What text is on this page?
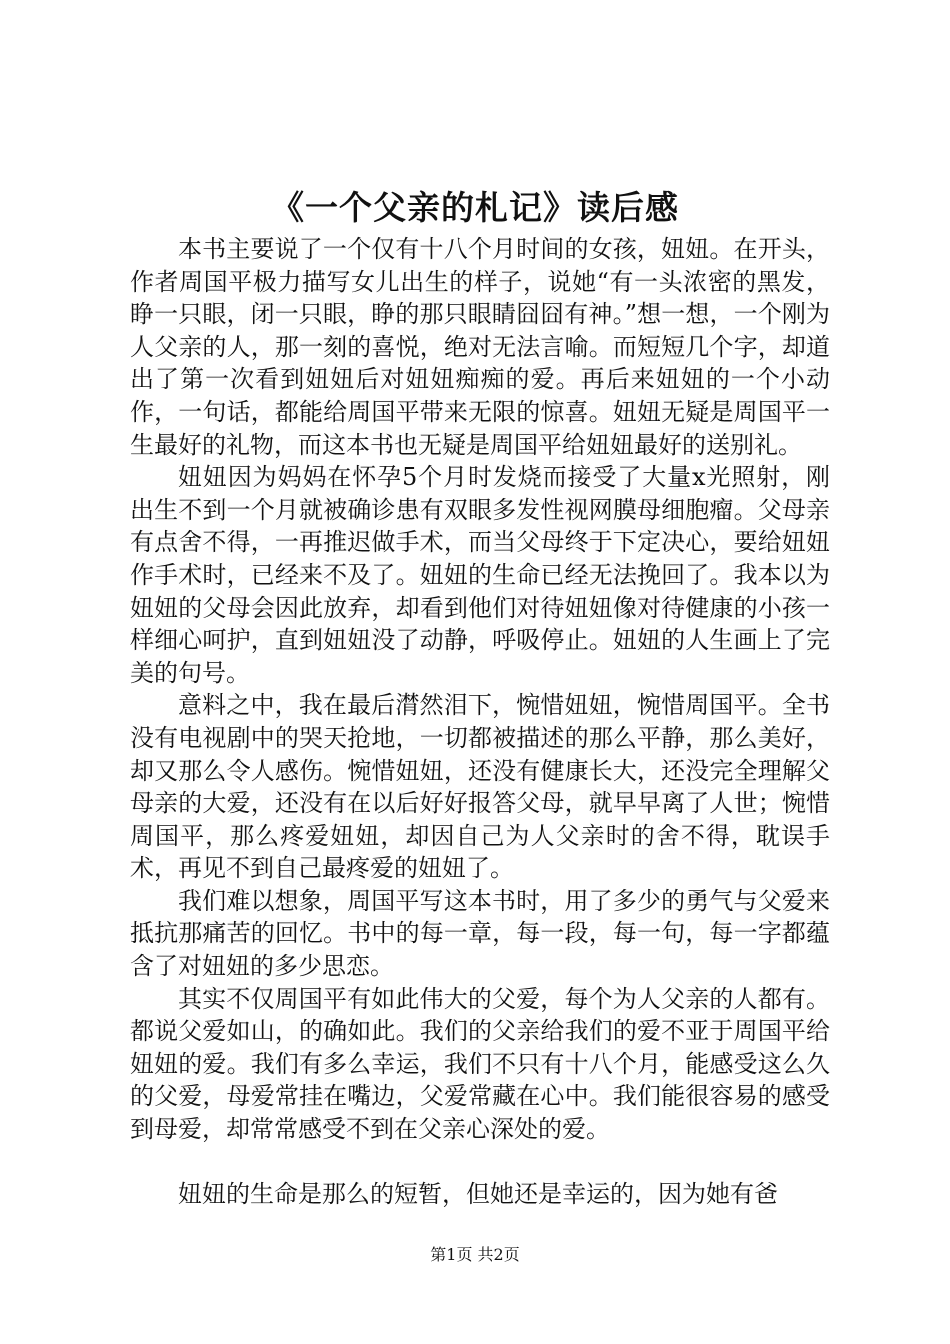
《一个父亲的札记》读后感

本书主要说了一个仅有十八个月时间的女孩，妞妞。在开头，作者周国平极力描写女儿出生的样子，说她“有一头浓密的黑发，睁一只眼，闭一只眼，睁的那只眼睛囧囧有神。”想一想，一个刚为人父亲的人，那一刻的喜悦，绝对无法言喻。而短短几个字，却道出了第一次看到妞妞后对妞妞痴痴的爱。再后来妞妞的一个小动作，一句话，都能给周国平带来无限的惊喜。妞妞无疑是周国平一生最好的礼物，而这本书也无疑是周国平给妞妞最好的送别礼。

妞妞因为妈妈在怀孕5个月时发烧而接受了大量x光照射，刚出生不到一个月就被确诊患有双眼多发性视网膜母细胞瘤。父母亲有点舍不得，一再推迟做手术，而当父母终于下定决心，要给妞妞作手术时，已经来不及了。妞妞的生命已经无法挽回了。我本以为妞妞的父母会因此放弃，却看到他们对待妞妞像对待健康的小孩一样细心呵护，直到妞妞没了动静，呼吸停止。妞妞的人生画上了完美的句号。

意料之中，我在最后潸然泪下，惋惜妞妞，惋惜周国平。全书没有电视剧中的哭天抢地，一切都被描述的那么平静，那么美好，却又那么令人感伤。惋惜妞妞，还没有健康长大，还没完全理解父母亲的大爱，还没有在以后好好报答父母，就早早离了人世；惋惜周国平，那么疼爱妞妞，却因自己为人父亲时的舍不得，耽误手术，再见不到自己最疼爱的妞妞了。

我们难以想象，周国平写这本书时，用了多少的勇气与父爱来抵抗那痛苦的回忆。书中的每一章，每一段，每一句，每一字都蕴含了对妞妞的多少思恋。

其实不仅周国平有如此伟大的父爱，每个为人父亲的人都有。都说父爱如山，的确如此。我们的父亲给我们的爱不亚于周国平给妞妞的爱。我们有多么幸运，我们不只有十八个月，能感受这么久的父爱，母爱常挂在嘴边，父爱常藏在心中。我们能很容易的感受到母爱，却常常感受不到在父亲心深处的爱。

妞妞的生命是那么的短暂，但她还是幸运的，因为她有爸

第1页 共2页
